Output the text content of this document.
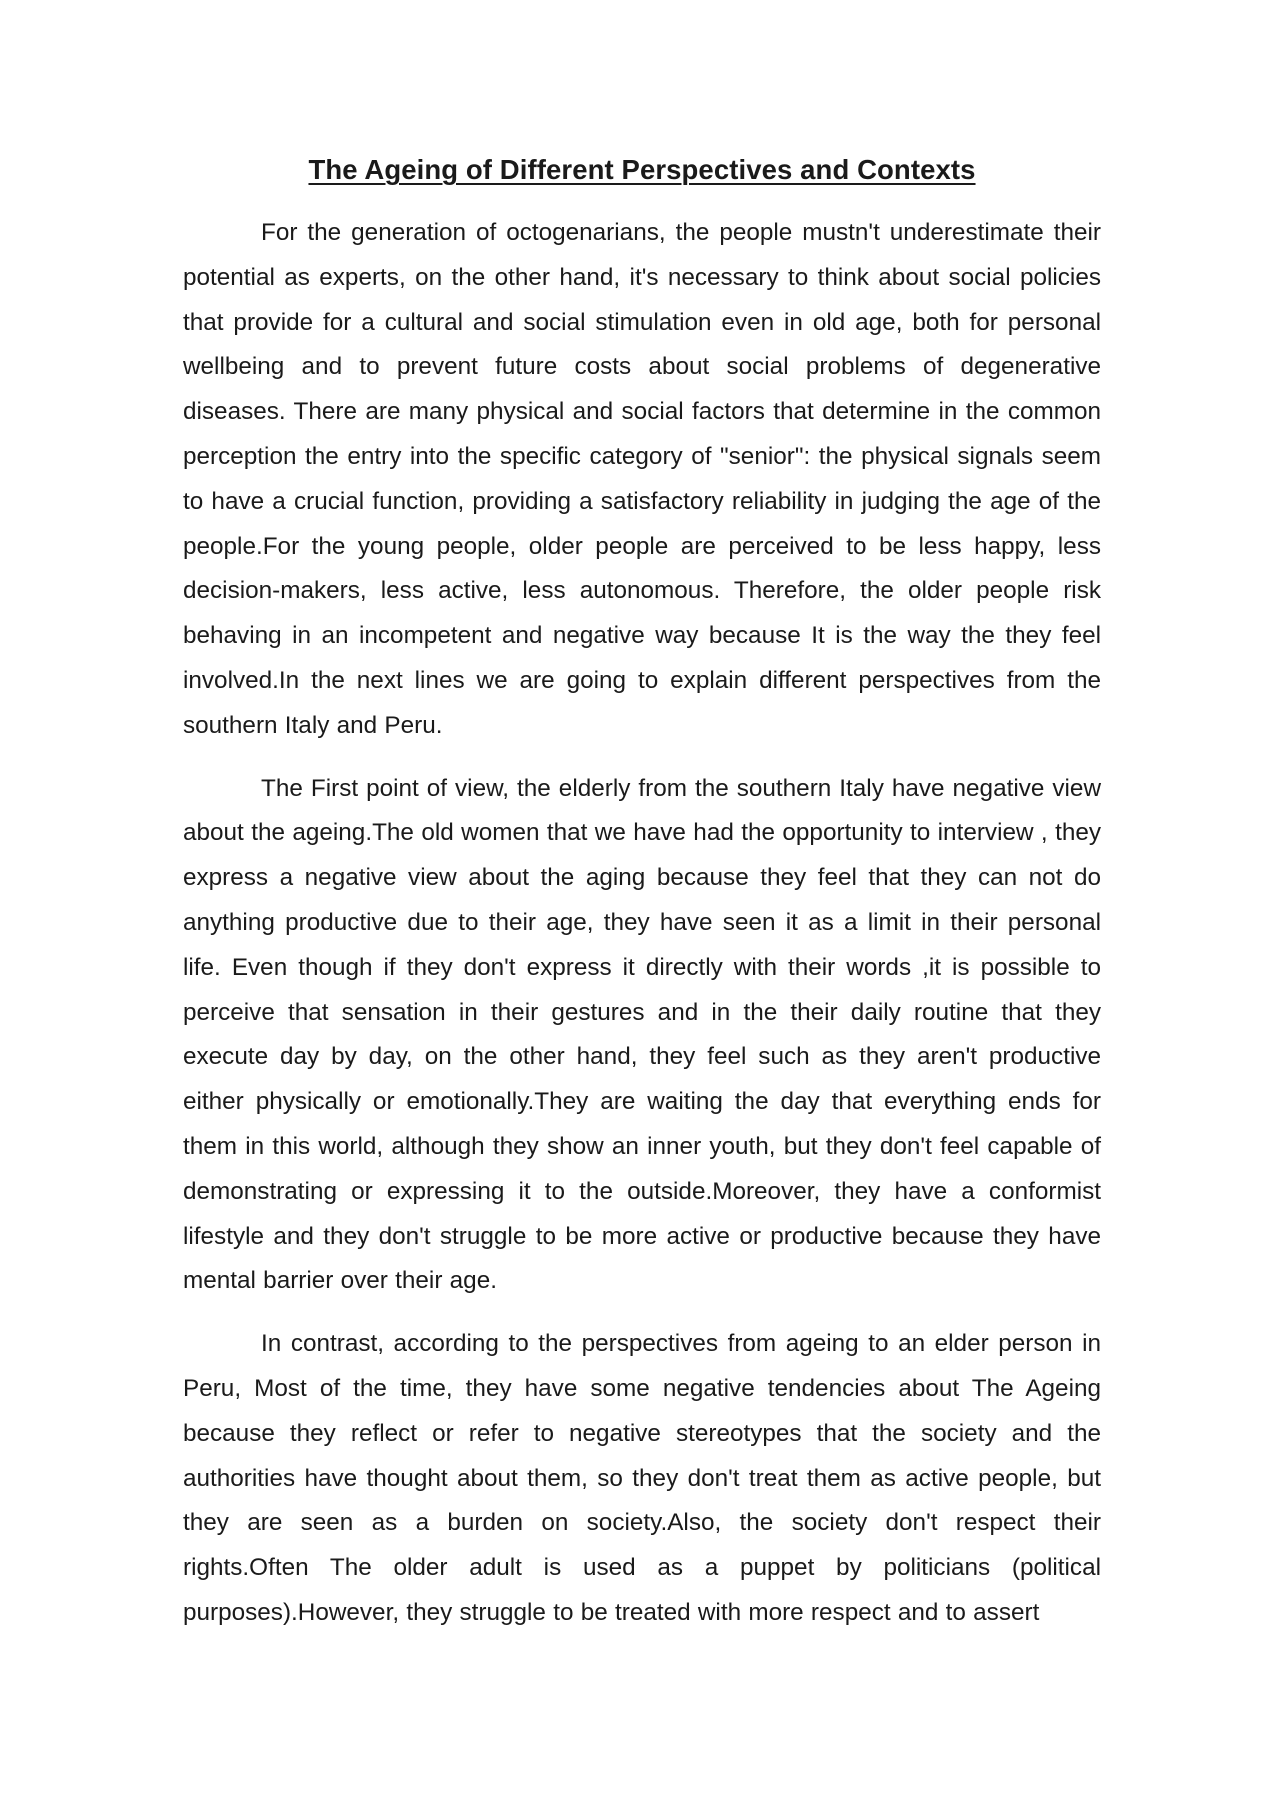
The Ageing of Different Perspectives and Contexts

For the generation of octogenarians, the people mustn't underestimate their potential as experts, on the other hand, it's necessary to think about social policies that provide for a cultural and social stimulation even in old age, both for personal wellbeing and to prevent future costs about social problems of degenerative diseases. There are many physical and social factors that determine in the common perception the entry into the specific category of "senior": the physical signals seem to have a crucial function, providing a satisfactory reliability in judging the age of the people.For the young people, older people are perceived to be less happy, less decision-makers, less active, less autonomous. Therefore, the older people risk behaving in an incompetent and negative way because It is the way the they feel involved.In the next lines we are going to explain different perspectives from the southern Italy and Peru.

The First point of view, the elderly from the southern Italy have negative view about the ageing.The old women that we have had the opportunity to interview , they express a negative view about the aging because they feel that they can not do anything productive due to their age, they have seen it as a limit in their personal life. Even though if they don't express it directly with their words ,it is possible to perceive that sensation in their gestures and in the their daily routine that they execute day by day, on the other hand, they feel such as they aren't productive either physically or emotionally.They are waiting the day that everything ends for them in this world, although they show an inner youth, but they don't feel capable of demonstrating or expressing it to the outside.Moreover, they have a conformist lifestyle and they don't struggle to be more active or productive because they have mental barrier over their age.

In contrast, according to the perspectives from ageing to an elder person in Peru, Most of the time, they have some negative tendencies about The Ageing because they reflect or refer to negative stereotypes that the society and the authorities have thought about them, so they don't treat them as active people, but they are seen as a burden on society.Also, the society don't respect their rights.Often The older adult is used as a puppet by politicians (political purposes).However, they struggle to be treated with more respect and to assert
